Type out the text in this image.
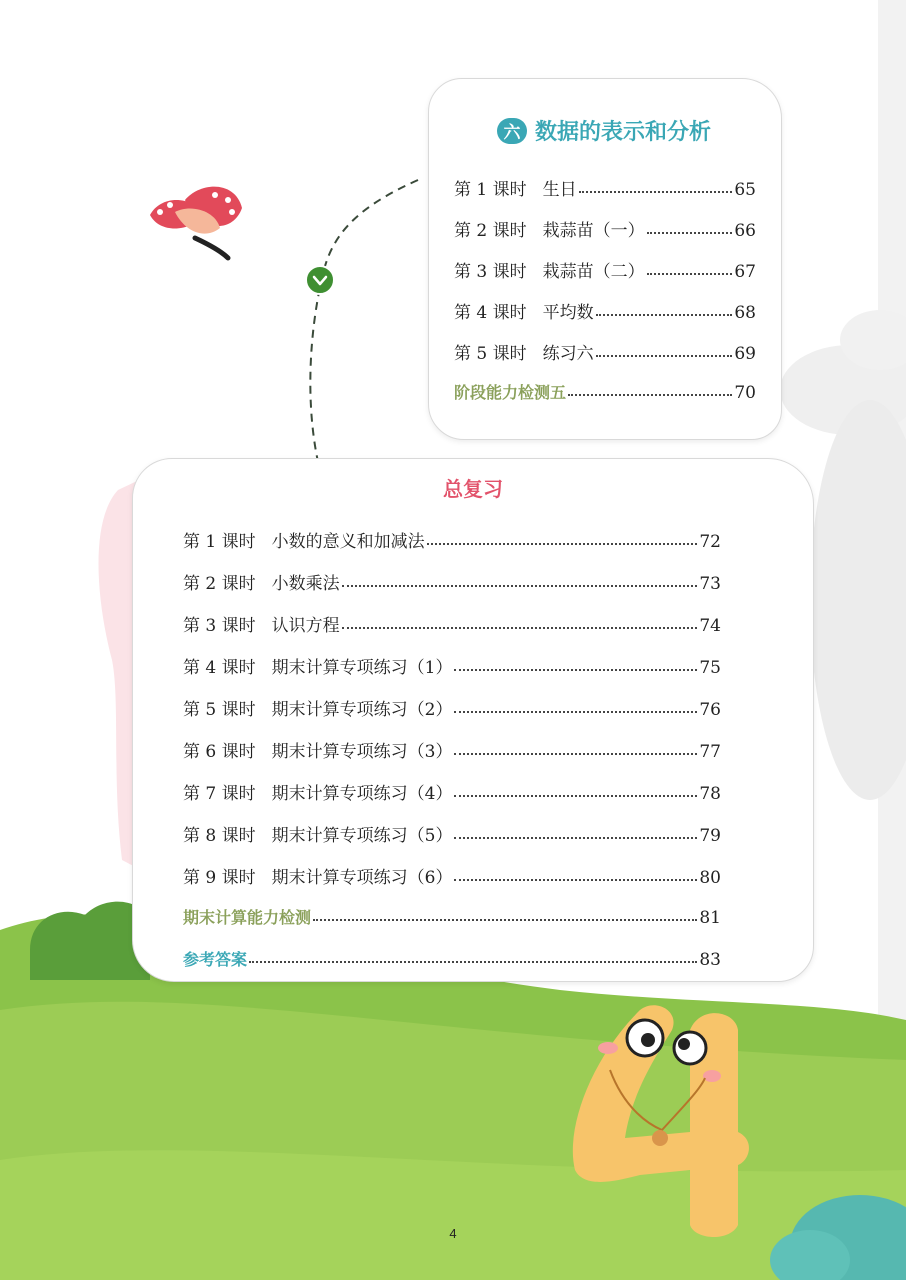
六 数据的表示和分析
第 1 课时 生日	65
第 2 课时 栽蒜苗（一）	66
第 3 课时 栽蒜苗（二）	67
第 4 课时 平均数	68
第 5 课时 练习六	69
阶段能力检测五	70
总复习
第 1 课时 小数的意义和加减法	72
第 2 课时 小数乘法	73
第 3 课时 认识方程	74
第 4 课时 期末计算专项练习（1）	75
第 5 课时 期末计算专项练习（2）	76
第 6 课时 期末计算专项练习（3）	77
第 7 课时 期末计算专项练习（4）	78
第 8 课时 期末计算专项练习（5）	79
第 9 课时 期末计算专项练习（6）	80
期末计算能力检测	81
参考答案	83
4
